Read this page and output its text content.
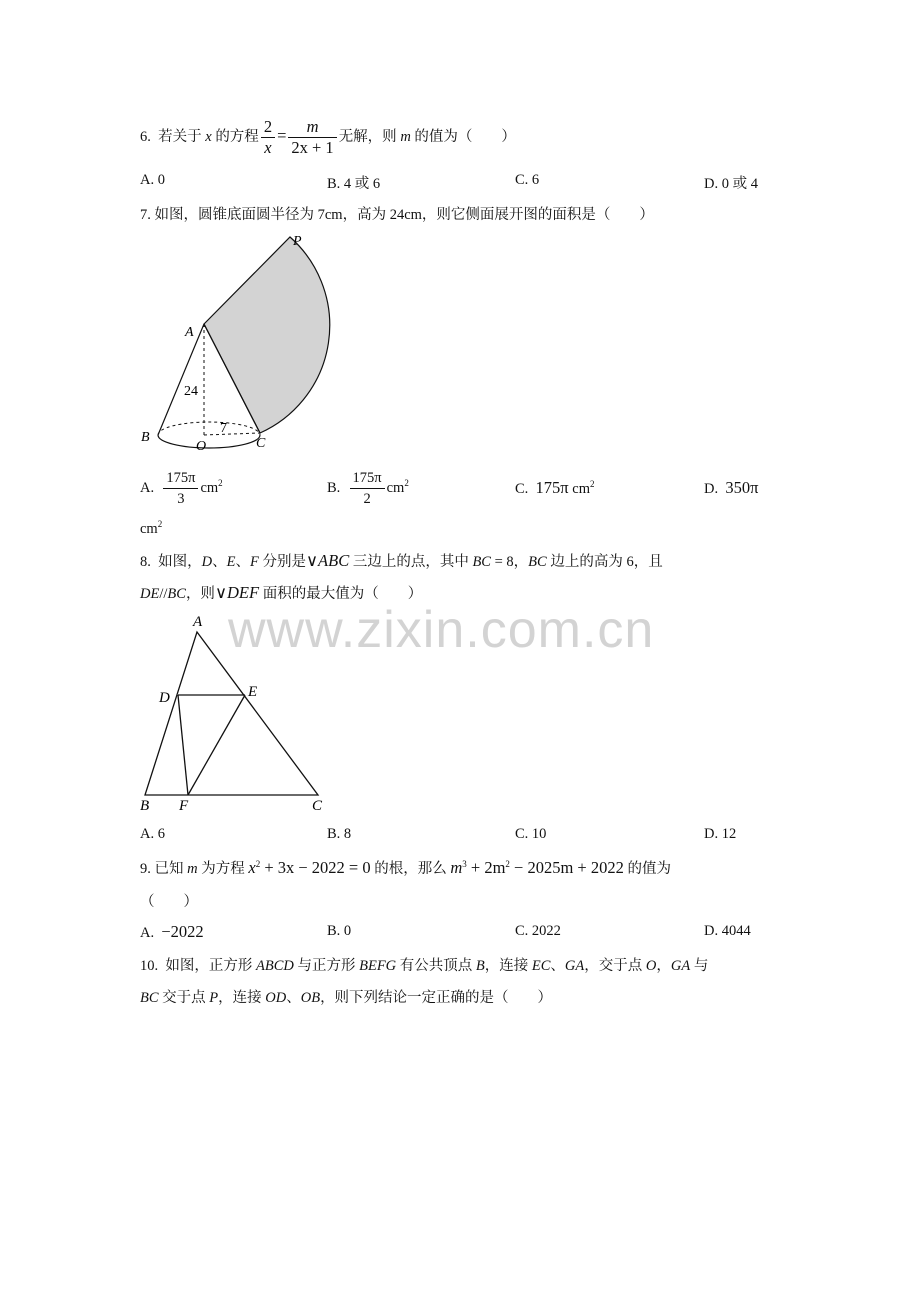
www.zixin.com.cn
6. 若关于 x 的方程 $\frac{2}{x} = \frac{m}{2x + 1}$ 无解，则 m 的值为（　　）
A. 0	B. 4 或 6	C. 6	D. 0 或 4
7. 如图，圆锥底面圆半径为 7cm，高为 24cm，则它侧面展开图的面积是（　　）
P
A
B
O	C
24
7
A. $\frac{175\pi}{3} cm^2$	B. $\frac{175\pi}{2} cm^2$	C. 175π $cm^2$	D. 350π
$cm^2$
8. 如图，D、E、F 分别是∨ABC 三边上的点，其中 BC = 8，BC 边上的高为 6，且
DE//BC，则∨DEF 面积的最大值为（　　）
A
D	E
B F	C
A. 6	B. 8	C. 10	D. 12
9. 已知 m 为方程 $x^2 + 3x - 2022 = 0$ 的根，那么 $m^3 + 2m^2 - 2025m + 2022$ 的值为
（　　）
A. −2022	B. 0	C. 2022	D. 4044
10. 如图，正方形 ABCD 与正方形 BEFG 有公共顶点 B，连接 EC、GA，交于点 O，GA 与
BC 交于点 P，连接 OD、OB，则下列结论一定正确的是（　　）
